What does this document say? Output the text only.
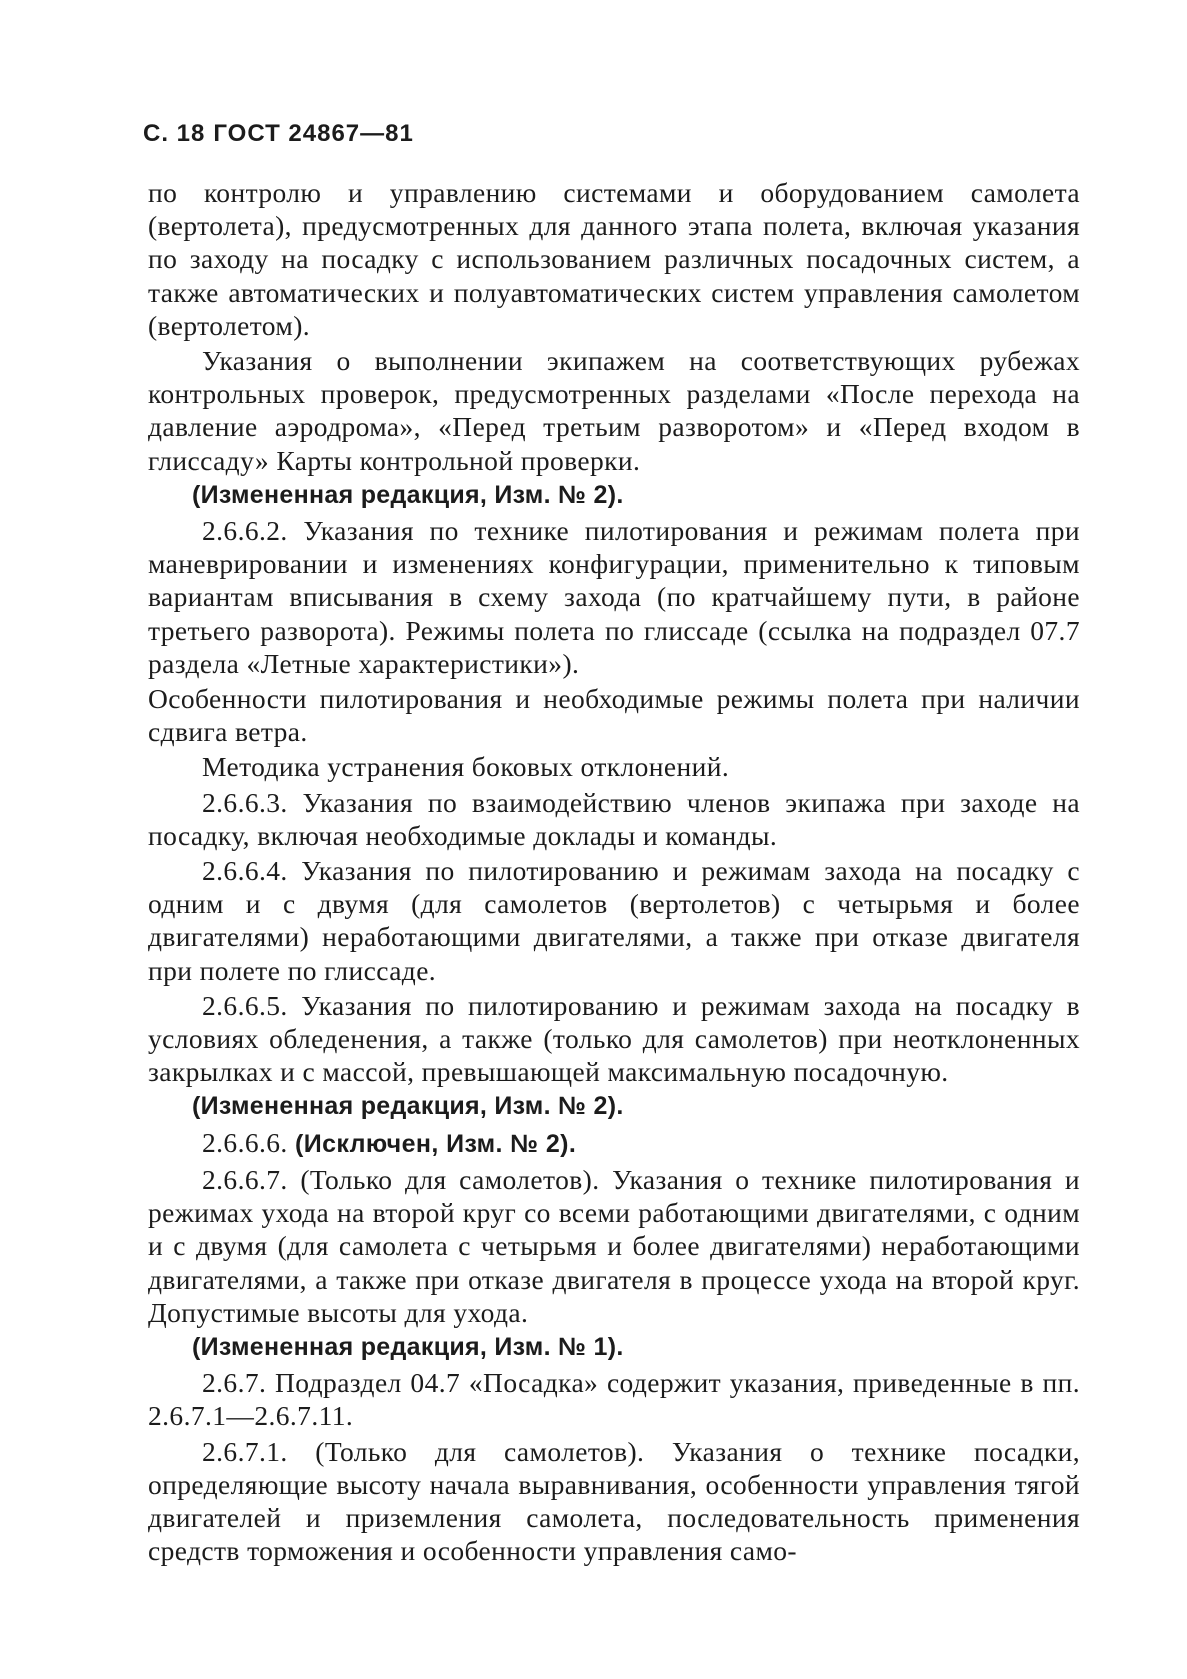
С. 18 ГОСТ 24867—81

по контролю и управлению системами и оборудованием самолета (вертолета), предусмотренных для данного этапа полета, включая указания по заходу на посадку с использованием различных посадочных систем, а также автоматических и полуавтоматических систем управления самолетом (вертолетом).

Указания о выполнении экипажем на соответствующих рубежах контрольных проверок, предусмотренных разделами «После перехода на давление аэродрома», «Перед третьим разворотом» и «Перед входом в глиссаду» Карты контрольной проверки.

(Измененная редакция, Изм. № 2).

2.6.6.2. Указания по технике пилотирования и режимам полета при маневрировании и изменениях конфигурации, применительно к типовым вариантам вписывания в схему захода (по кратчайшему пути, в районе третьего разворота). Режимы полета по глиссаде (ссылка на подраздел 07.7 раздела «Летные характеристики»).

Особенности пилотирования и необходимые режимы полета при наличии сдвига ветра.

Методика устранения боковых отклонений.

2.6.6.3. Указания по взаимодействию членов экипажа при заходе на посадку, включая необходимые доклады и команды.

2.6.6.4. Указания по пилотированию и режимам захода на посадку с одним и с двумя (для самолетов (вертолетов) с четырьмя и более двигателями) неработающими двигателями, а также при отказе двигателя при полете по глиссаде.

2.6.6.5. Указания по пилотированию и режимам захода на посадку в условиях обледенения, а также (только для самолетов) при неотклоненных закрылках и с массой, превышающей максимальную посадочную.

(Измененная редакция, Изм. № 2).

2.6.6.6. (Исключен, Изм. № 2).

2.6.6.7. (Только для самолетов). Указания о технике пилотирования и режимах ухода на второй круг со всеми работающими двигателями, с одним и с двумя (для самолета с четырьмя и более двигателями) неработающими двигателями, а также при отказе двигателя в процессе ухода на второй круг. Допустимые высоты для ухода.

(Измененная редакция, Изм. № 1).

2.6.7. Подраздел 04.7 «Посадка» содержит указания, приведенные в пп. 2.6.7.1—2.6.7.11.

2.6.7.1. (Только для самолетов). Указания о технике посадки, определяющие высоту начала выравнивания, особенности управления тягой двигателей и приземления самолета, последовательность применения средств торможения и особенности управления само-
